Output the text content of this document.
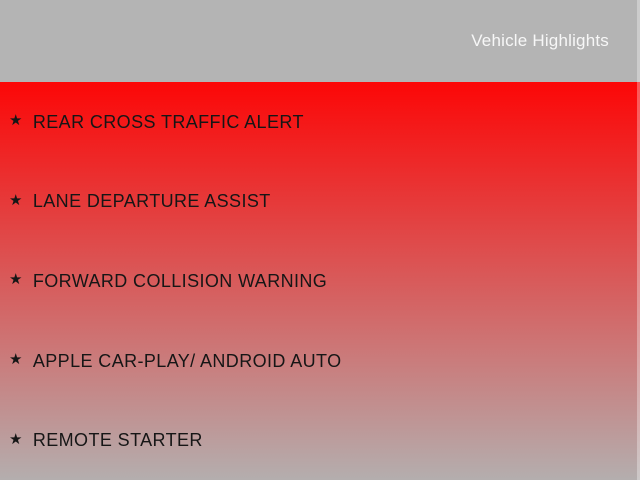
Vehicle Highlights
★ REAR CROSS TRAFFIC ALERT
★ LANE DEPARTURE ASSIST
★ FORWARD COLLISION WARNING
★ APPLE CAR-PLAY/ ANDROID AUTO
★ REMOTE STARTER
